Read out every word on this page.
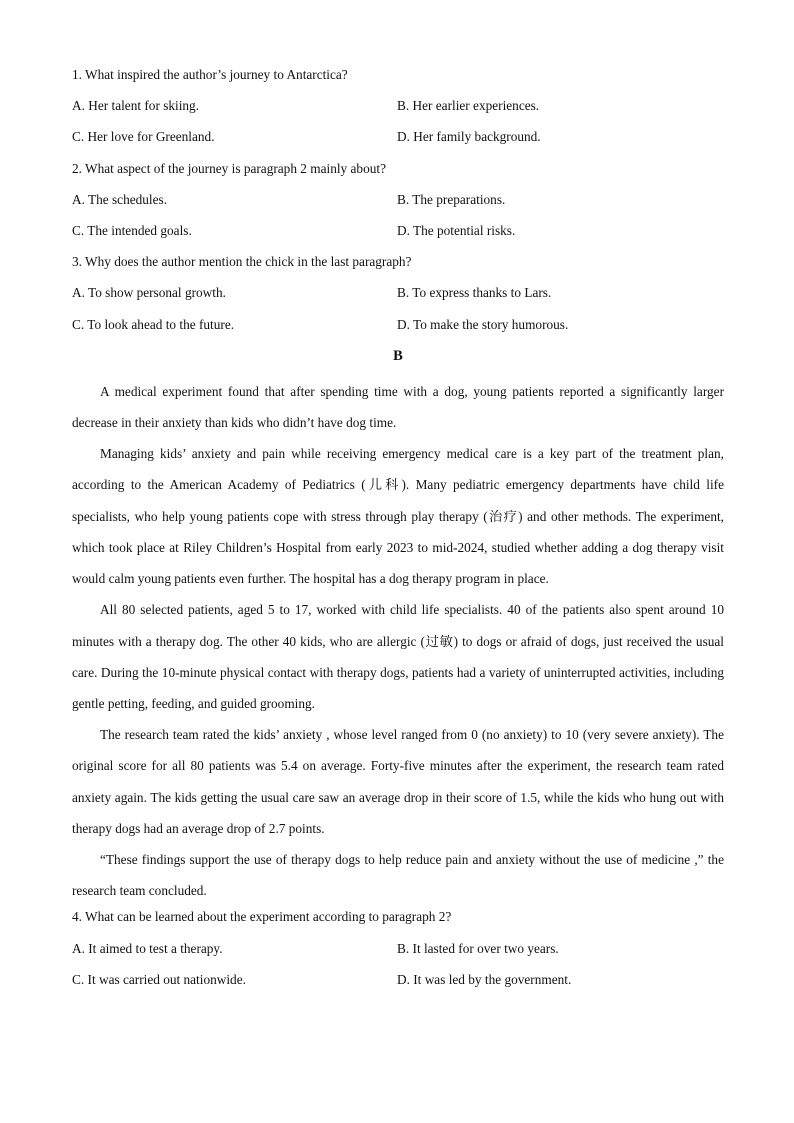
1. What inspired the author’s journey to Antarctica?
A. Her talent for skiing.	B. Her earlier experiences.
C. Her love for Greenland.	D. Her family background.
2. What aspect of the journey is paragraph 2 mainly about?
A. The schedules.	B. The preparations.
C. The intended goals.	D. The potential risks.
3. Why does the author mention the chick in the last paragraph?
A. To show personal growth.	B. To express thanks to Lars.
C. To look ahead to the future.	D. To make the story humorous.
B

A medical experiment found that after spending time with a dog, young patients reported a significantly larger decrease in their anxiety than kids who didn’t have dog time.

Managing kids’ anxiety and pain while receiving emergency medical care is a key part of the treatment plan, according to the American Academy of Pediatrics (儿科). Many pediatric emergency departments have child life specialists, who help young patients cope with stress through play therapy (治疗) and other methods. The experiment, which took place at Riley Children’s Hospital from early 2023 to mid-2024, studied whether adding a dog therapy visit would calm young patients even further. The hospital has a dog therapy program in place.

All 80 selected patients, aged 5 to 17, worked with child life specialists. 40 of the patients also spent around 10 minutes with a therapy dog. The other 40 kids, who are allergic (过敏) to dogs or afraid of dogs, just received the usual care. During the 10-minute physical contact with therapy dogs, patients had a variety of uninterrupted activities, including gentle petting, feeding, and guided grooming.

The research team rated the kids’ anxiety , whose level ranged from 0 (no anxiety) to 10 (very severe anxiety). The original score for all 80 patients was 5.4 on average. Forty-five minutes after the experiment, the research team rated anxiety again. The kids getting the usual care saw an average drop in their score of 1.5, while the kids who hung out with therapy dogs had an average drop of 2.7 points.

“These findings support the use of therapy dogs to help reduce pain and anxiety without the use of medicine ,” the research team concluded.

4. What can be learned about the experiment according to paragraph 2?
A. It aimed to test a therapy.	B. It lasted for over two years.
C. It was carried out nationwide.	D. It was led by the government.
